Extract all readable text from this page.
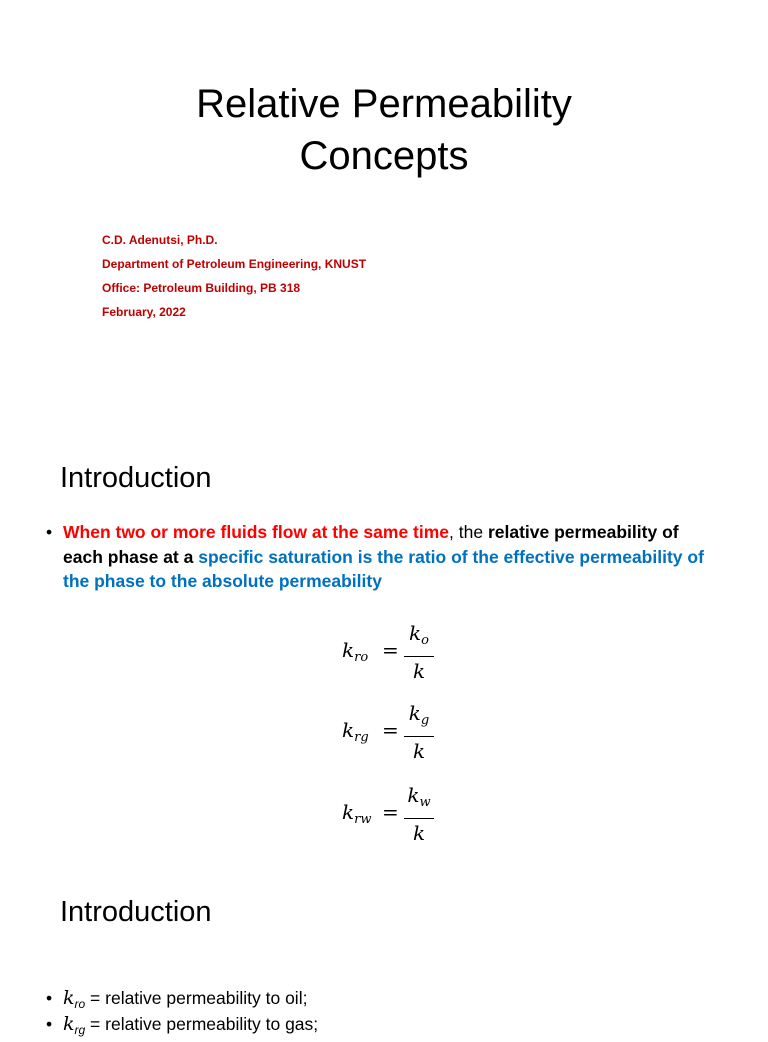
Relative Permeability
Concepts
C.D. Adenutsi, Ph.D.
Department of Petroleum Engineering, KNUST
Office: Petroleum Building, PB 318
February, 2022
Introduction
• When two or more fluids flow at the same time, the relative permeability of each phase at a specific saturation is the ratio of the effective permeability of the phase to the absolute permeability
$k_{ro}$ =
$k_o$
k
$k_{rg}$ =
$k_g$
k
$k_{rw}$ =
$k_w$
k
Introduction
• $k_{ro}$ = relative permeability to oil;
• $k_{rg}$ = relative permeability to gas;
